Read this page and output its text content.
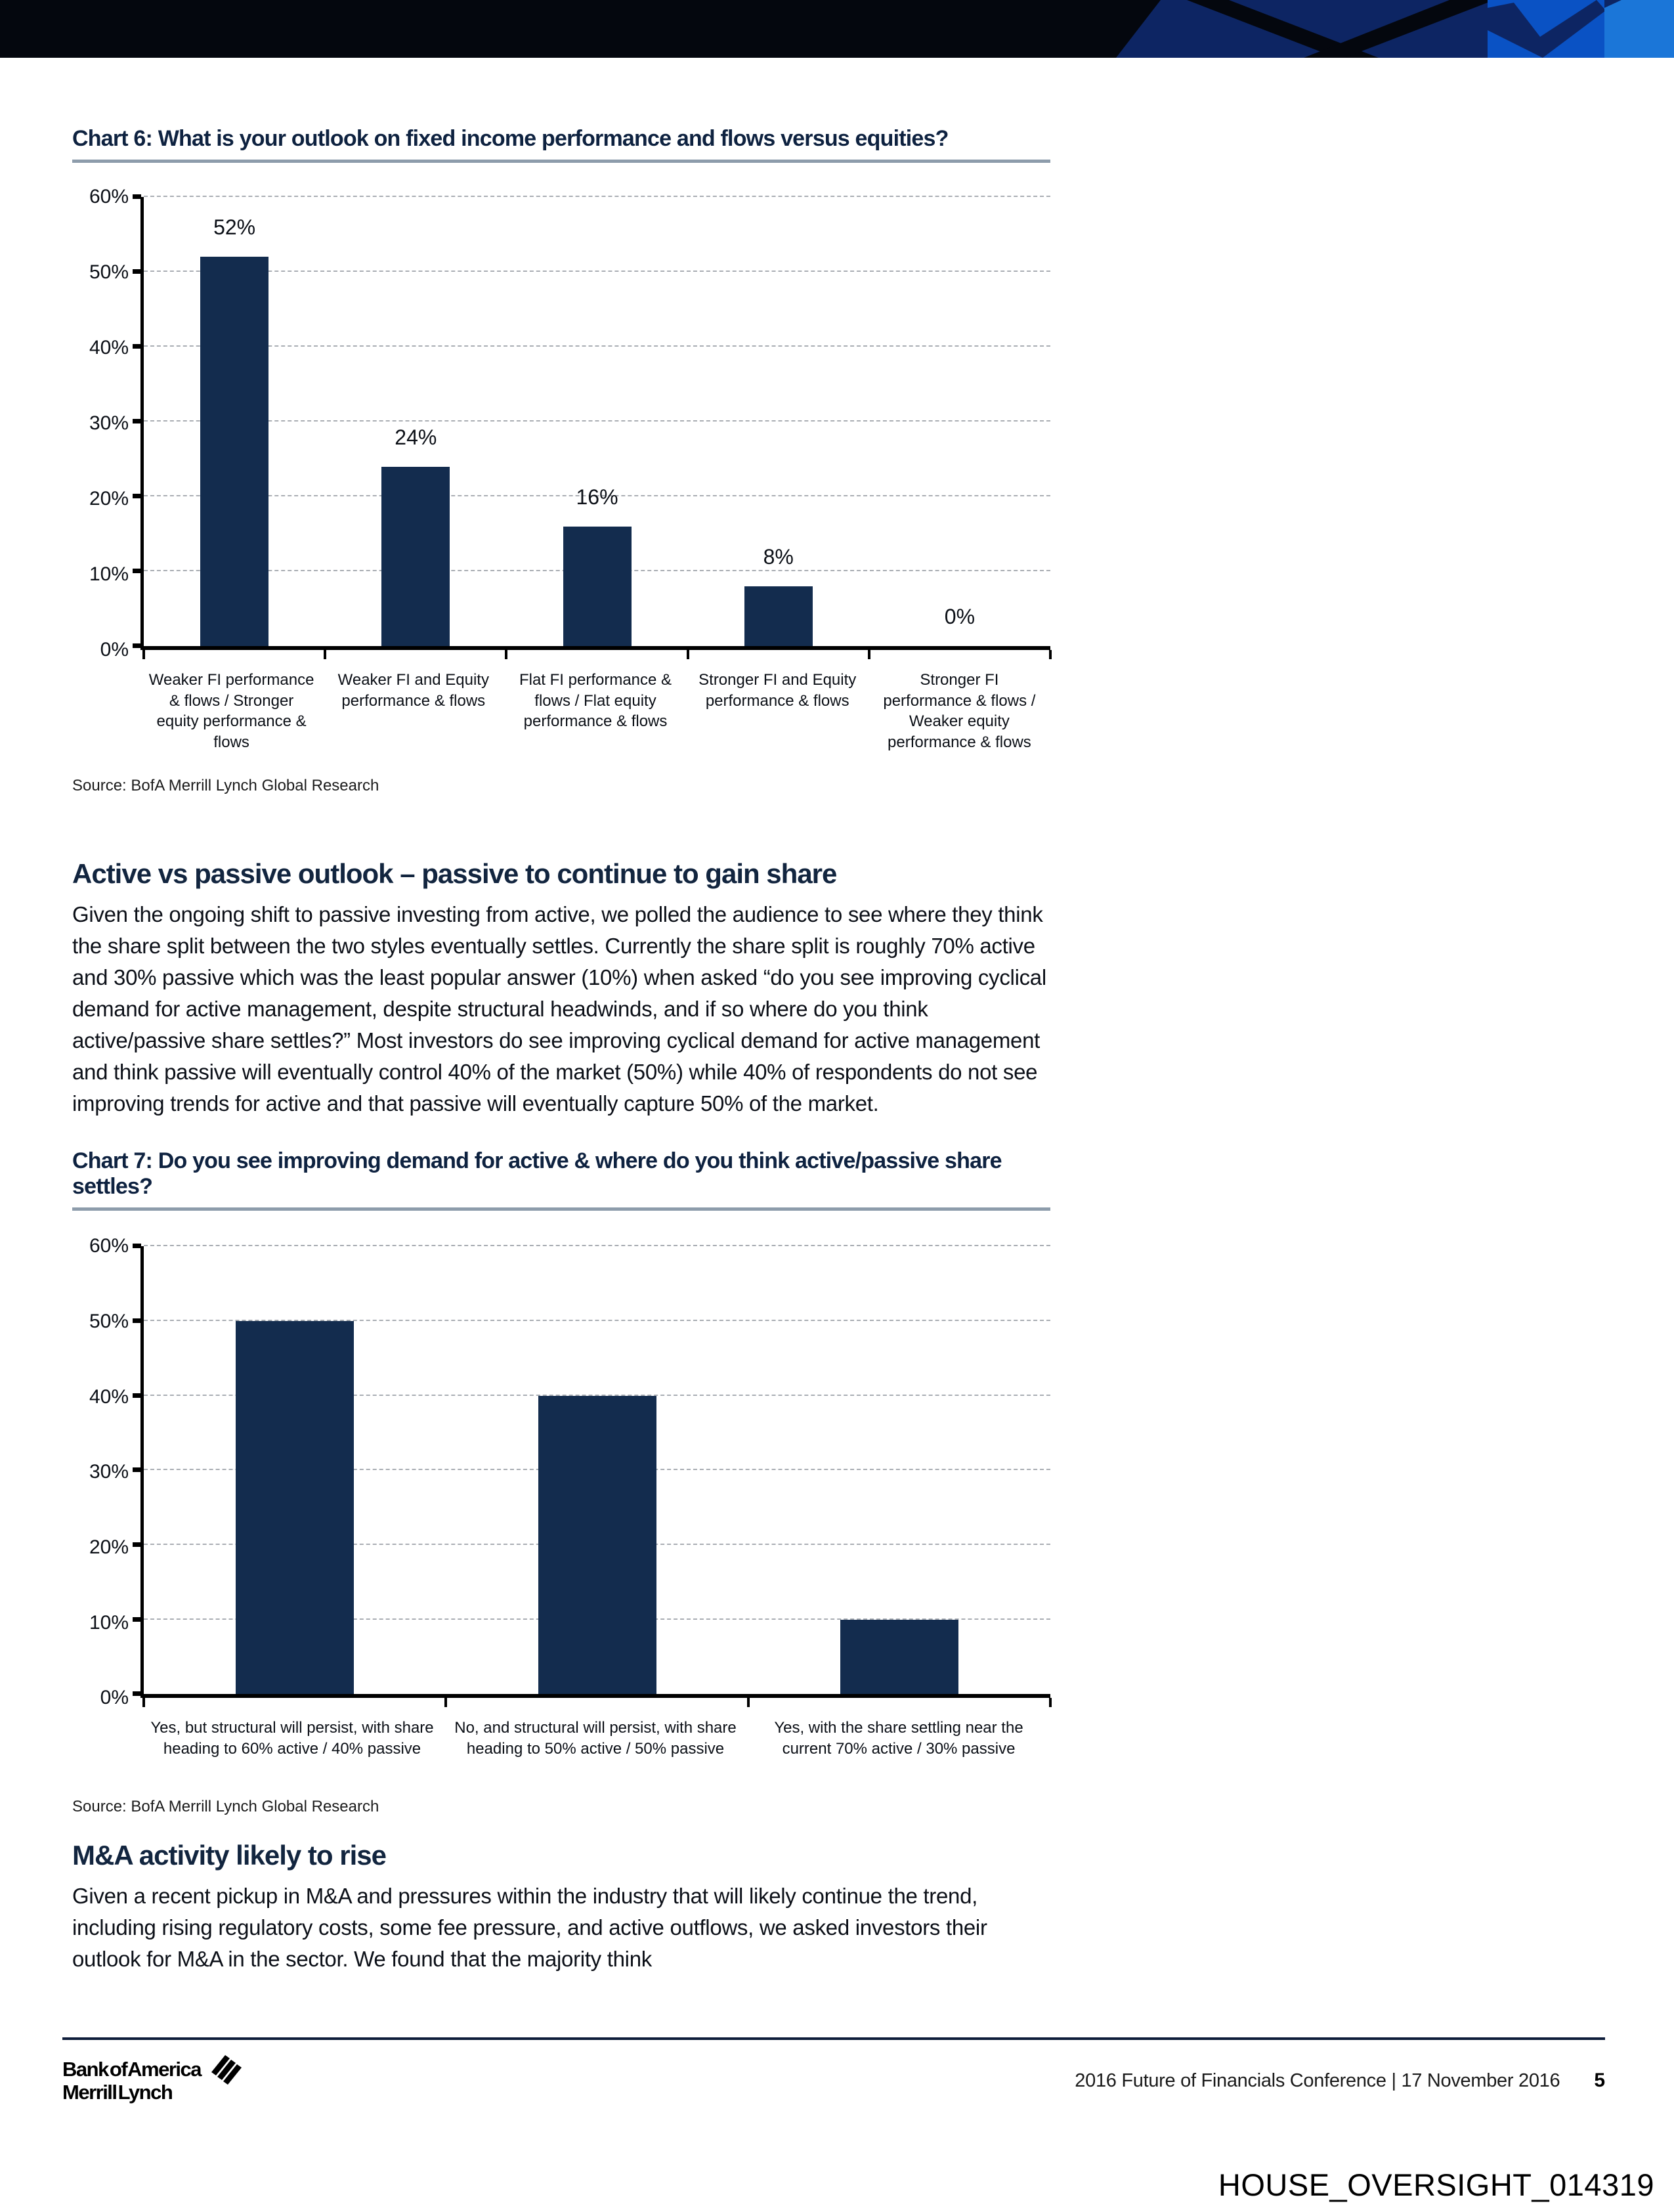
Chart 6: What is your outlook on fixed income performance and flows versus equities?
0%
10%
20%
30%
40%
50%
60%
52%
24%
16%
8%
0%
Weaker FI performance & flows / Stronger equity performance & flows
Weaker FI and Equity performance & flows
Flat FI performance & flows / Flat equity performance & flows
Stronger FI and Equity performance & flows
Stronger FI performance & flows / Weaker equity performance & flows
Source: BofA Merrill Lynch Global Research
Active vs passive outlook – passive to continue to gain share
Given the ongoing shift to passive investing from active, we polled the audience to see where they think the share split between the two styles eventually settles. Currently the share split is roughly 70% active and 30% passive which was the least popular answer (10%) when asked “do you see improving cyclical demand for active management, despite structural headwinds, and if so where do you think active/passive share settles?” Most investors do see improving cyclical demand for active management and think passive will eventually control 40% of the market (50%) while 40% of respondents do not see improving trends for active and that passive will eventually capture 50% of the market.
Chart 7: Do you see improving demand for active & where do you think active/passive share settles?
0%
10%
20%
30%
40%
50%
60%
Yes, but structural will persist, with share heading to 60% active / 40% passive
No, and structural will persist, with share heading to 50% active / 50% passive
Yes, with the share settling near the current 70% active / 30% passive
Source: BofA Merrill Lynch Global Research
M&A activity likely to rise
Given a recent pickup in M&A and pressures within the industry that will likely continue the trend, including rising regulatory costs, some fee pressure, and active outflows, we asked investors their outlook for M&A in the sector. We found that the majority think
Bank of America
Merrill Lynch	2016 Future of Financials Conference | 17 November 2016 5
HOUSE_OVERSIGHT_014319
